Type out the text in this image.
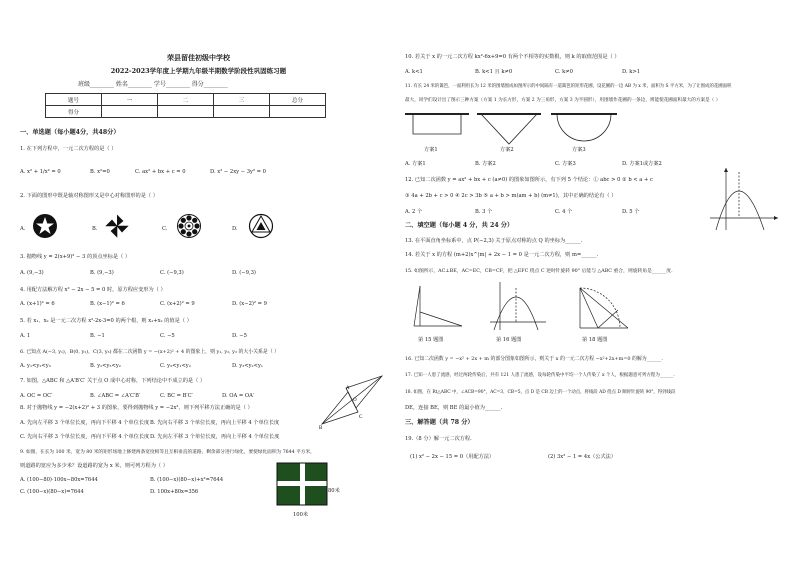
荣县留佳初级中学校
2022-2023学年度上学期九年级半期数学阶段性巩固练习题
班级________ 姓名________ 学号________ 得分________
题号	一	二	三	总分
得分				
一、单选题（每小题4分，共48分）
1. 在下列方程中，一元二次方程的是（ ）
A. x² + 1/x² = 0	B. x²=0	C. ax² + bx + c = 0	D. x² − 2xy − 3y² = 0
2. 下面的图形中既是轴对称图形又是中心对称图形的是（ ）
A.	B.	C.	D.
3. 抛物线 y = 2(x+9)² − 3 的顶点坐标是（ ）
A. (9,−3)	B. (9,−3)	C. (−9,3)	D. (−9,3)
4. 用配方法解方程 x² − 2x − 5 = 0 时，原方程应变形为（ ）
A. (x+1)² = 6	B. (x−1)² = 6	C. (x+2)² = 9	D. (x−2)² = 9
5. 若 x₁、x₂ 是一元二次方程 x²-2x-3=0 的两个根，则 x₁+x₂ 的值是（ ）
A. 1	B. −1	C. −5	D. −5
6. 已知点 A(−3, y₁)，B(0, y₂)，C(3, y₃) 都在二次函数 y = −(x+2)² + 4 的图象上，则 y₁, y₂, y₃ 的大小关系是（ ）
A. y₁<y₂<y₃	B. y₁<y₃<y₂	C. y₃<y₁<y₂	D. y₃<y₂<y₁
7. 如图，△ABC 和 △A′B′C′ 关于点 O 成中心对称，下列结论中不成立的是（ ）
A. OC = OC′	B. ∠ABC = ∠A′C′B′	C. BC = B′C′	D. OA = OA′
A
B
C
O
8. 对于抛物线 y = −2(x+2)² + 3 的图象，要得到抛物线 y = −2x²，则下列平移方法正确的是（ ）
A. 先向左平移 3 个单位长度，再向下平移 4 个单位长度 B. 先向右平移 3 个单位长度，再向上平移 4 个单位长度
C. 先向右平移 3 个单位长度，再向下平移 4 个单位长度 D. 先向左平移 3 个单位长度，再向上平移 4 个单位长度
9. 如图，在长为 100 米，宽为 80 米的矩形场地上修建两条宽度相等且互相垂直的道路，剩余部分进行绿化，要使绿化面积为 7644 平方米，
则道路的宽应为多少米？设道路的宽为 x 米，则可列方程为（ ）
A. (100−80)·100x−80x=7644	B. (100−x)(80−x)+x²=7644
C. (100−x)(80−x)=7644	D. 100x+80x=356	80米
100米
10. 若关于 x 的一元二次方程 kx²-6x+9=0 有两个不相等的实数根，则 k 的取值范围是（ ）
A. k<1	B. k<1 且 k≠0	C. k≠0	D. k>1
11. 有长 24 米的篱笆，一面利用长为 12 米的围墙围成如图所示的中间隔有一道篱笆的矩形花圃，设花圃的一边 AB 为 x 米，面积为 S 平方米，为了让围成的花圃面积
最大，同学们设计出了图示三种方案（方案 1 为长方形，方案 2 为三角形，方案 3 为半圆形），用围墙作花圃的一条边，则能使花圃面积最大的方案是（ ）
方案1	方案2	方案3
A. 方案1	B. 方案2	C. 方案3	D. 方案1或方案2
12. 已知二次函数 y = ax² + bx + c (a≠0) 的图象如图所示，有下列 5 个结论：① abc > 0 ② b < a + c
③ 4a + 2b + c > 0 ④ 2c > 3b ⑤ a + b > m(am + b) (m≠1)，其中正确的结论有（ ）
A. 2 个	B. 3 个	C. 4 个	D. 5 个
二、填空题（每小题 4 分，共 24 分）
13. 在平面直角坐标系中，点 P(−2,3) 关于原点对称的点 Q 的坐标为______.
14. 若关于 x 的方程 (m+2)x^|m| + 2x − 1 = 0 是一元二次方程，则 m=______.
15. 如图所示，AC⊥BE，AC=EC，CB=CF，把 △EFC 绕点 C 逆时针旋转 90° 后能与 △ABC 重合，则旋转角是______度.
第 15 题图	第 16 题图	第 18 题图
16. 已知二次函数 y = −x² + 2x + m 的部分图象如图所示，则关于 x 的一元二次方程 −x²+2x+m=0 的解为______.
17. 已知一人患了流感，经过两轮传染后，共有 121 人患了流感，设每轮传染中平均一个人传染了 x 个人，根据题意可列方程为______.
18. 如图，在 Rt△ABC 中，∠ACB=90°，AC=3，CB=5，点 D 是 CB 边上的一个动点，将线段 AD 绕点 D 顺时针旋转 90°，得到线段
DE，连接 BE，则 BE 的最小值为______.
三、解答题（共 78 分）
19.（8 分）解一元二次方程.
(1) x² − 2x − 15 = 0（用配方法）	(2) 3x² − 1 = 4x（公式法）
